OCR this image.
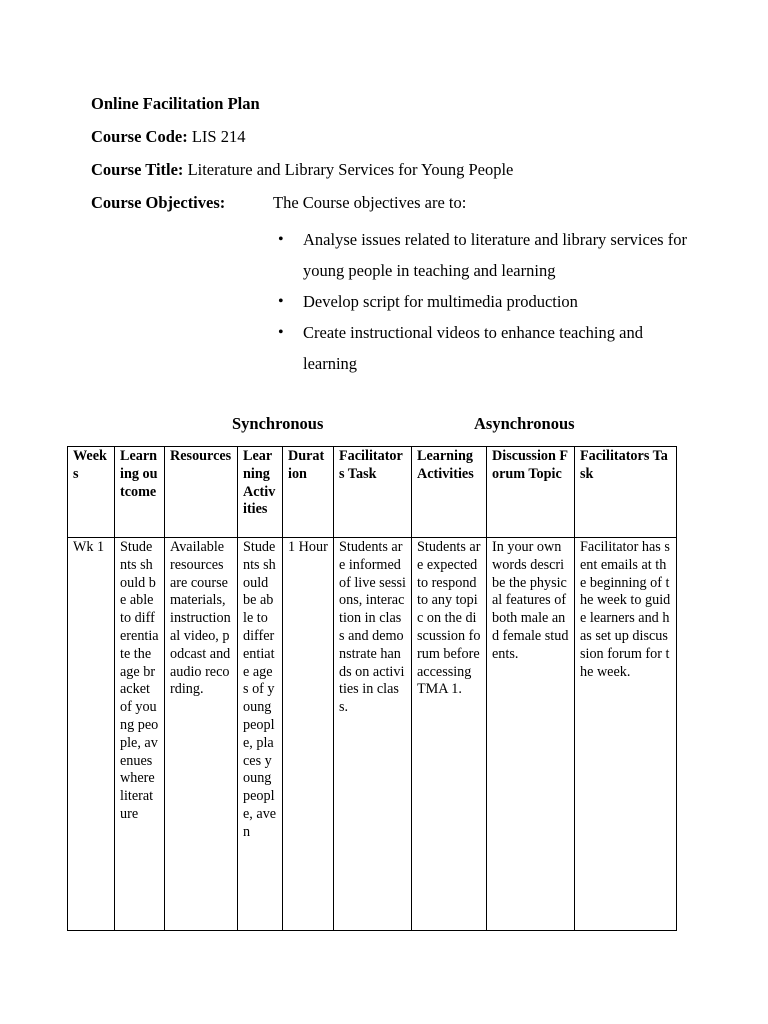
Online Facilitation Plan
Course Code: LIS 214
Course Title: Literature and Library Services for Young People
Course Objectives:	The Course objectives are to:
• Analyse issues related to literature and library services for young people in teaching and learning
• Develop script for multimedia production
• Create instructional videos to enhance teaching and learning
Synchronous	Asynchronous
Weeks	Learning outcome	Resources	Learning Activities	Duration	Facilitators Task	Learning Activities	Discussion Forum Topic	Facilitators Task

Wk 1	Students should be able to differentiate the age bracket of young people, avenues where literature	Available resources are course materials, instructional video, podcast and audio recording.	Students should be able to differentiate ages of young people, places young people, aven	1 Hour	Students are informed of live sessions, interaction in class and demonstrate hands on activities in class.	Students are expected to respond to any topic on the discussion forum before accessing TMA 1.	In your own words describe the physical features of both male and female students.	Facilitator has sent emails at the beginning of the week to guide learners and has set up discussion forum for the week.
